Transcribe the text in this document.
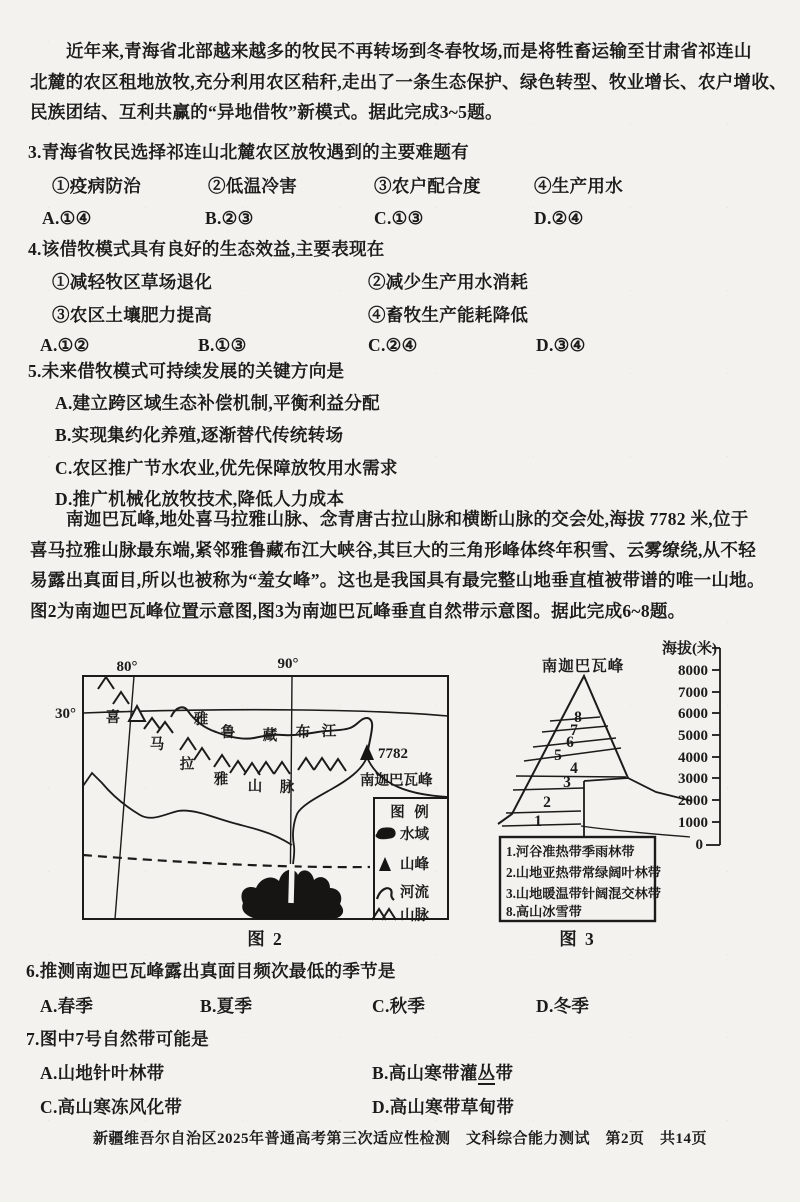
近年来,青海省北部越来越多的牧民不再转场到冬春牧场,而是将牲畜运输至甘肃省祁连山
北麓的农区租地放牧,充分利用农区秸秆,走出了一条生态保护、绿色转型、牧业增长、农户增收、
民族团结、互利共赢的“异地借牧”新模式。据此完成3~5题。
3.青海省牧民选择祁连山北麓农区放牧遇到的主要难题有
①疫病防治	②低温冷害	③农户配合度	④生产用水
A.①④	B.②③	C.①③	D.②④
4.该借牧模式具有良好的生态效益,主要表现在
①减轻牧区草场退化	②减少生产用水消耗
③农区土壤肥力提高	④畜牧生产能耗降低
A.①②	B.①③	C.②④	D.③④
5.未来借牧模式可持续发展的关键方向是
A.建立跨区域生态补偿机制,平衡利益分配
B.实现集约化养殖,逐渐替代传统转场
C.农区推广节水农业,优先保障放牧用水需求
D.推广机械化放牧技术,降低人力成本
南迦巴瓦峰,地处喜马拉雅山脉、念青唐古拉山脉和横断山脉的交会处,海拔 7782 米,位于
喜马拉雅山脉最东端,紧邻雅鲁藏布江大峡谷,其巨大的三角形峰体终年积雪、云雾缭绕,从不轻
易露出真面目,所以也被称为“羞女峰”。这也是我国具有最完整山地垂直植被带谱的唯一山地。
图2为南迦巴瓦峰位置示意图,图3为南迦巴瓦峰垂直自然带示意图。据此完成6~8题。
80°	90°
30° 喜
马
拉
雅 山 脉
雅
鲁 藏 布 江
7782
南迦巴瓦峰
图 例
水域
山峰
河流
山脉
南迦巴瓦峰
海拔(米)
8000
7000
6000
5000
4000
3000
2000
1000
0
8
7
6
5
4
3
2
1
1.河谷准热带季雨林带
2.山地亚热带常绿阔叶林带
3.山地暖温带针阔混交林带
8.高山冰雪带
图 2	图 3
6.推测南迦巴瓦峰露出真面目频次最低的季节是
A.春季	B.夏季	C.秋季	D.冬季
7.图中7号自然带可能是
A.山地针叶林带	B.高山寒带灌丛带
C.高山寒冻风化带	D.高山寒带草甸带
新疆维吾尔自治区2025年普通高考第三次适应性检测　文科综合能力测试　第2页　共14页
